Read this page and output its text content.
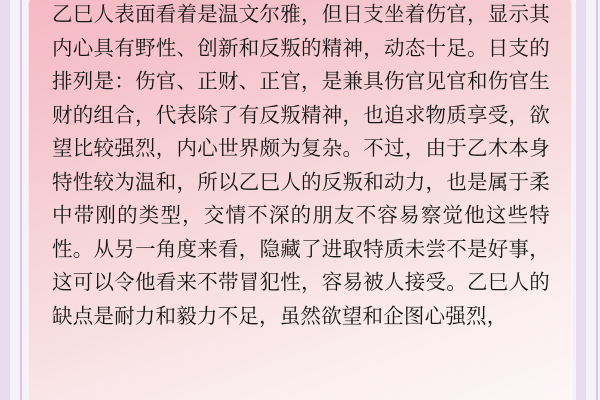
乙巳人表面看着是温文尔雅，但日支坐着伤官，显示其内心具有野性、创新和反叛的精神，动态十足。日支的排列是：伤官、正财、正官，是兼具伤官见官和伤官生财的组合，代表除了有反叛精神，也追求物质享受，欲望比较强烈，内心世界颇为复杂。不过，由于乙木本身特性较为温和，所以乙巳人的反叛和动力，也是属于柔中带刚的类型，交情不深的朋友不容易察觉他这些特性。从另一角度来看，隐藏了进取特质未尝不是好事，这可以令他看来不带冒犯性，容易被人接受。乙巳人的缺点是耐力和毅力不足，虽然欲望和企图心强烈，
